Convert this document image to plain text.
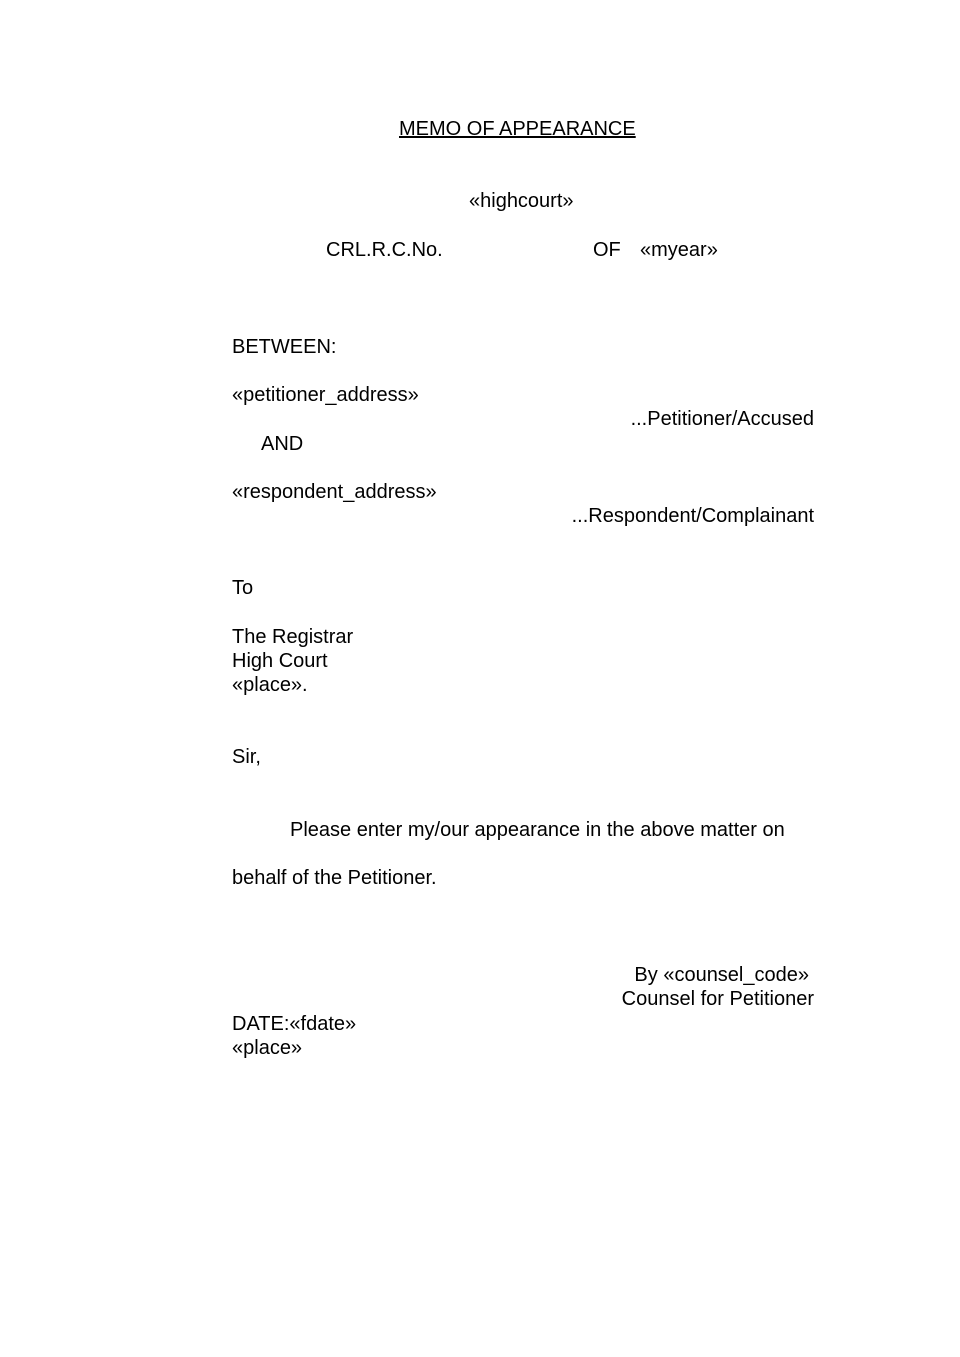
MEMO OF APPEARANCE
«highcourt»
CRL.R.C.No.	OF «myear»
BETWEEN:
«petitioner_address»
...Petitioner/Accused
AND
«respondent_address»
...Respondent/Complainant
To
The Registrar
High Court
«place».
Sir,
Please enter my/our appearance in the above matter on
behalf of the Petitioner.
By «counsel_code»
Counsel for Petitioner
DATE:«fdate»
«place»
